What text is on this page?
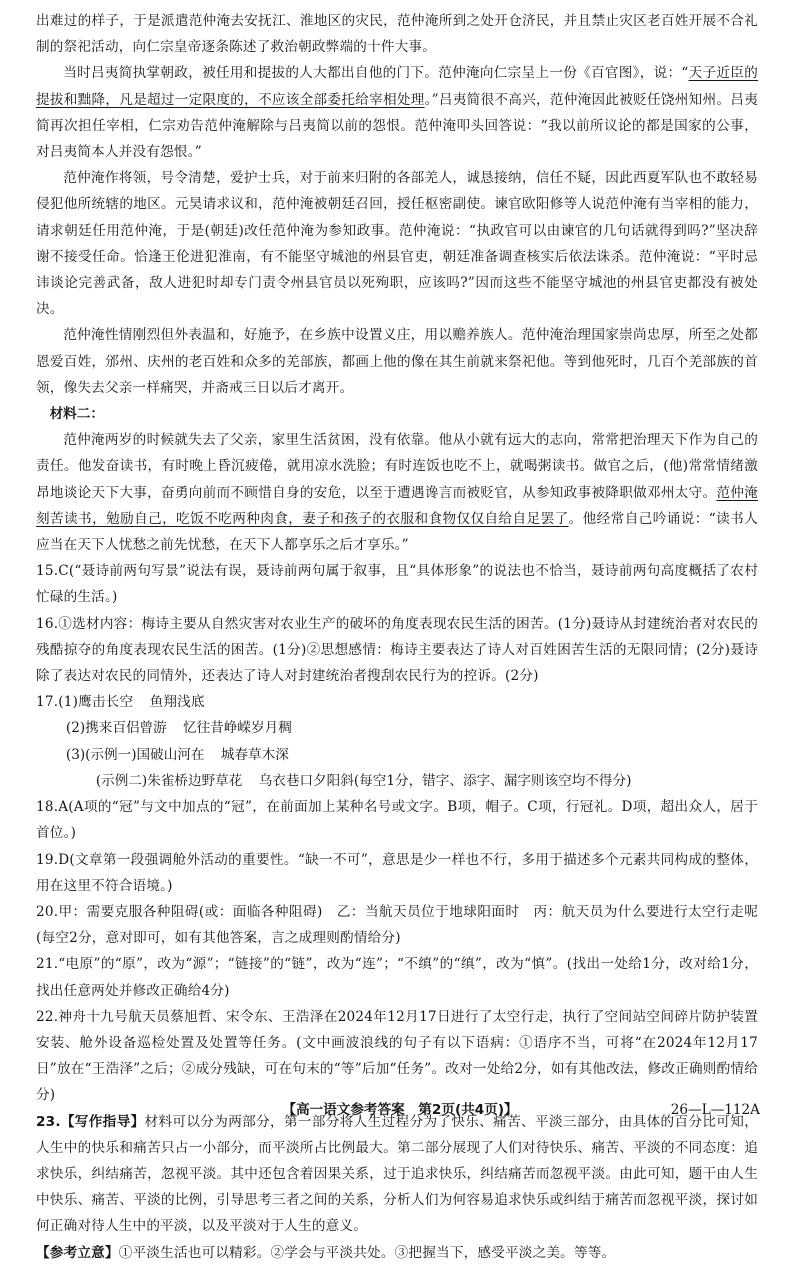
出难过的样子，于是派遣范仲淹去安抚江、淮地区的灾民，范仲淹所到之处开仓济民，并且禁止灾区老百姓开展不合礼制的祭祀活动，向仁宗皇帝逐条陈述了救治朝政弊端的十件大事。

当时吕夷简执掌朝政，被任用和提拔的人大都出自他的门下。范仲淹向仁宗呈上一份《百官图》，说：“天子近臣的提拔和黜降，凡是超过一定限度的，不应该全部委托给宰相处理。”吕夷简很不高兴，范仲淹因此被贬任饶州知州。吕夷简再次担任宰相，仁宗劝告范仲淹解除与吕夷简以前的怨恨。范仲淹叩头回答说：“我以前所议论的都是国家的公事，对吕夷简本人并没有怨恨。”

范仲淹作将领，号令清楚，爱护士兵，对于前来归附的各部羌人，诚恳接纳，信任不疑，因此西夏军队也不敢轻易侵犯他所统辖的地区。元昊请求议和，范仲淹被朝廷召回，授任枢密副使。谏官欧阳修等人说范仲淹有当宰相的能力，请求朝廷任用范仲淹，于是(朝廷)改任范仲淹为参知政事。范仲淹说：“执政官可以由谏官的几句话就得到吗?”坚决辞谢不接受任命。恰逢王伦进犯淮南，有不能坚守城池的州县官吏，朝廷准备调查核实后依法诛杀。范仲淹说：“平时忌讳谈论完善武备，敌人进犯时却专门责令州县官员以死殉职，应该吗?”因而这些不能坚守城池的州县官吏都没有被处决。

范仲淹性情刚烈但外表温和，好施予，在乡族中设置义庄，用以赡养族人。范仲淹治理国家崇尚忠厚，所至之处都恩爱百姓，邠州、庆州的老百姓和众多的羌部族，都画上他的像在其生前就来祭祀他。等到他死时，几百个羌部族的首领，像失去父亲一样痛哭，并斋戒三日以后才离开。

材料二：

范仲淹两岁的时候就失去了父亲，家里生活贫困，没有依靠。他从小就有远大的志向，常常把治理天下作为自己的责任。他发奋读书，有时晚上昏沉疲倦，就用凉水洗脸；有时连饭也吃不上，就喝粥读书。做官之后，(他)常常情绪激昂地谈论天下大事，奋勇向前而不顾惜自身的安危，以至于遭遇谗言而被贬官，从参知政事被降职做邓州太守。范仲淹刻苦读书，勉励自己，吃饭不吃两种肉食，妻子和孩子的衣服和食物仅仅自给自足罢了。他经常自己吟诵说：“读书人应当在天下人忧愁之前先忧愁，在天下人都享乐之后才享乐。”

15.C(“聂诗前两句写景”说法有误，聂诗前两句属于叙事，且“具体形象”的说法也不恰当，聂诗前两句高度概括了农村忙碌的生活。)

16.①选材内容：梅诗主要从自然灾害对农业生产的破坏的角度表现农民生活的困苦。(1分)聂诗从封建统治者对农民的残酷掠夺的角度表现农民生活的困苦。(1分)②思想感情：梅诗主要表达了诗人对百姓困苦生活的无限同情；(2分)聂诗除了表达对农民的同情外，还表达了诗人对封建统治者搜刮农民行为的控诉。(2分)

17.(1)鹰击长空 鱼翔浅底

(2)携来百侣曾游 忆往昔峥嵘岁月稠

(3)(示例一)国破山河在 城春草木深

(示例二)朱雀桥边野草花 乌衣巷口夕阳斜(每空1分，错字、添字、漏字则该空均不得分)

18.A(A项的“冠”与文中加点的“冠”，在前面加上某种名号或文字。B项，帽子。C项，行冠礼。D项，超出众人，居于首位。)

19.D(文章第一段强调舱外活动的重要性。“缺一不可”，意思是少一样也不行，多用于描述多个元素共同构成的整体，用在这里不符合语境。)

20.甲：需要克服各种阻碍(或：面临各种阻碍)　乙：当航天员位于地球阳面时　丙：航天员为什么要进行太空行走呢(每空2分，意对即可，如有其他答案，言之成理则酌情给分)

21.“电原”的“原”，改为“源”；“链接”的“链”，改为“连”；“不缜”的“缜”，改为“慎”。(找出一处给1分，改对给1分，找出任意两处并修改正确给4分)

22.神舟十九号航天员蔡旭哲、宋令东、王浩泽在2024年12月17日进行了太空行走，执行了空间站空间碎片防护装置安装、舱外设备巡检处置及处置等任务。(文中画波浪线的句子有以下语病：①语序不当，可将“在2024年12月17日”放在“王浩泽”之后；②成分残缺，可在句末的“等”后加“任务”。改对一处给2分，如有其他改法，修改正确则酌情给分)

23.【写作指导】材料可以分为两部分，第一部分将人生过程分为了快乐、痛苦、平淡三部分，由具体的百分比可知，人生中的快乐和痛苦只占一小部分，而平淡所占比例最大。第二部分展现了人们对待快乐、痛苦、平淡的不同态度：追求快乐，纠结痛苦，忽视平淡。其中还包含着因果关系，过于追求快乐，纠结痛苦而忽视平淡。由此可知，题干由人生中快乐、痛苦、平淡的比例，引导思考三者之间的关系，分析人们为何容易追求快乐或纠结于痛苦而忽视平淡，探讨如何正确对待人生中的平淡，以及平淡对于人生的意义。

【参考立意】①平淡生活也可以精彩。②学会与平淡共处。③把握当下，感受平淡之美。等等。

【高一语文参考答案　第2页(共4页)】	26—L—112A
